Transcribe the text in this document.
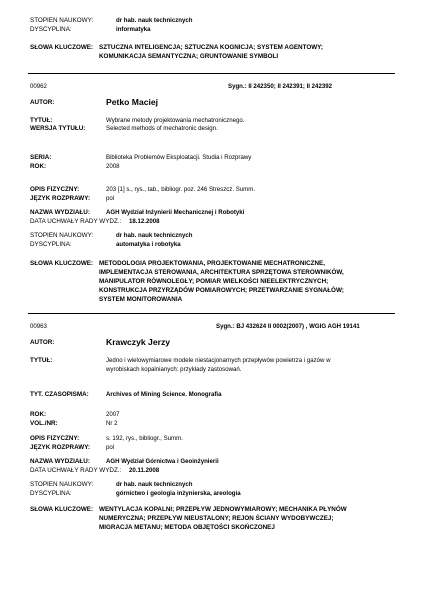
STOPIEN NAUKOWY:	dr hab. nauk technicznych
DYSCYPLINA:	informatyka
SŁOWA KLUCZOWE: SZTUCZNA INTELIGENCJA; SZTUCZNA KOGNICJA; SYSTEM AGENTOWY;
KOMUNIKACJA SEMANTYCZNA; GRUNTOWANIE SYMBOLI
00962	Sygn.: II 242350; II 242391; II 242392
AUTOR:	Petko Maciej
TYTUŁ:	Wybrane metody projektowania mechatronicznego.
WERSJA TYTUŁU:	Selected methods of mechatronic design.
SERIA:	Biblioteka Problemów Eksploatacji. Studia i Rozprawy
ROK:	2008
OPIS FIZYCZNY:	203 [1] s., rys., tab., bibliogr. poz. 246 Streszcz. Summ.
JĘZYK ROZPRAWY:	pol
NAZWA WYDZIAŁU:	AGH Wydział Inżynierii Mechanicznej i Robotyki
DATA UCHWAŁY RADY WYDZ.: 18.12.2008
STOPIEN NAUKOWY:	dr hab. nauk technicznych
DYSCYPLINA:	automatyka i robotyka
SŁOWA KLUCZOWE: METODOLOGIA PROJEKTOWANIA, PROJEKTOWANIE MECHATRONICZNE,
IMPLEMENTACJA STEROWANIA, ARCHITEKTURA SPRZĘTOWA STEROWNIKÓW,
MANIPULATOR RÓWNOLEGŁY; POMIAR WIELKOŚCI NIEELEKTRYCZNYCH;
KONSTRUKCJA PRZYRZĄDÓW POMIAROWYCH; PRZETWARZANIE SYGNAŁÓW;
SYSTEM MONITOROWANIA
00963	Sygn.: BJ 432624 II 0002(2007) , WGIG AGH 19141
AUTOR:	Krawczyk Jerzy
TYTUŁ:	Jedno i wielowymiarowe modele niestacjonarnych przepływów powietrza i gazów w
wyrobiskach kopalnianych: przykłady zastosowań.
TYT. CZASOPISMA:	Archives of Mining Science. Monografia
ROK:	2007
VOL./NR:	Nr 2
OPIS FIZYCZNY:	s. 192, rys., bibliogr., Summ.
JĘZYK ROZPRAWY:	pol
NAZWA WYDZIAŁU:	AGH Wydział Górnictwa i Geoinżynierii
DATA UCHWAŁY RADY WYDZ.: 20.11.2008
STOPIEN NAUKOWY:	dr hab. nauk technicznych
DYSCYPLINA:	górnictwo i geologia inżynierska, areologia
SŁOWA KLUCZOWE: WENTYLACJA KOPALNI; PRZEPŁYW JEDNOWYMIAROWY; MECHANIKA PŁYNÓW
NUMERYCZNA; PRZEPŁYW NIEUSTALONY; REJON ŚCIANY WYDOBYWCZEJ;
MIGRACJA METANU; METODA OBJĘTOŚCI SKOŃCZONEJ
